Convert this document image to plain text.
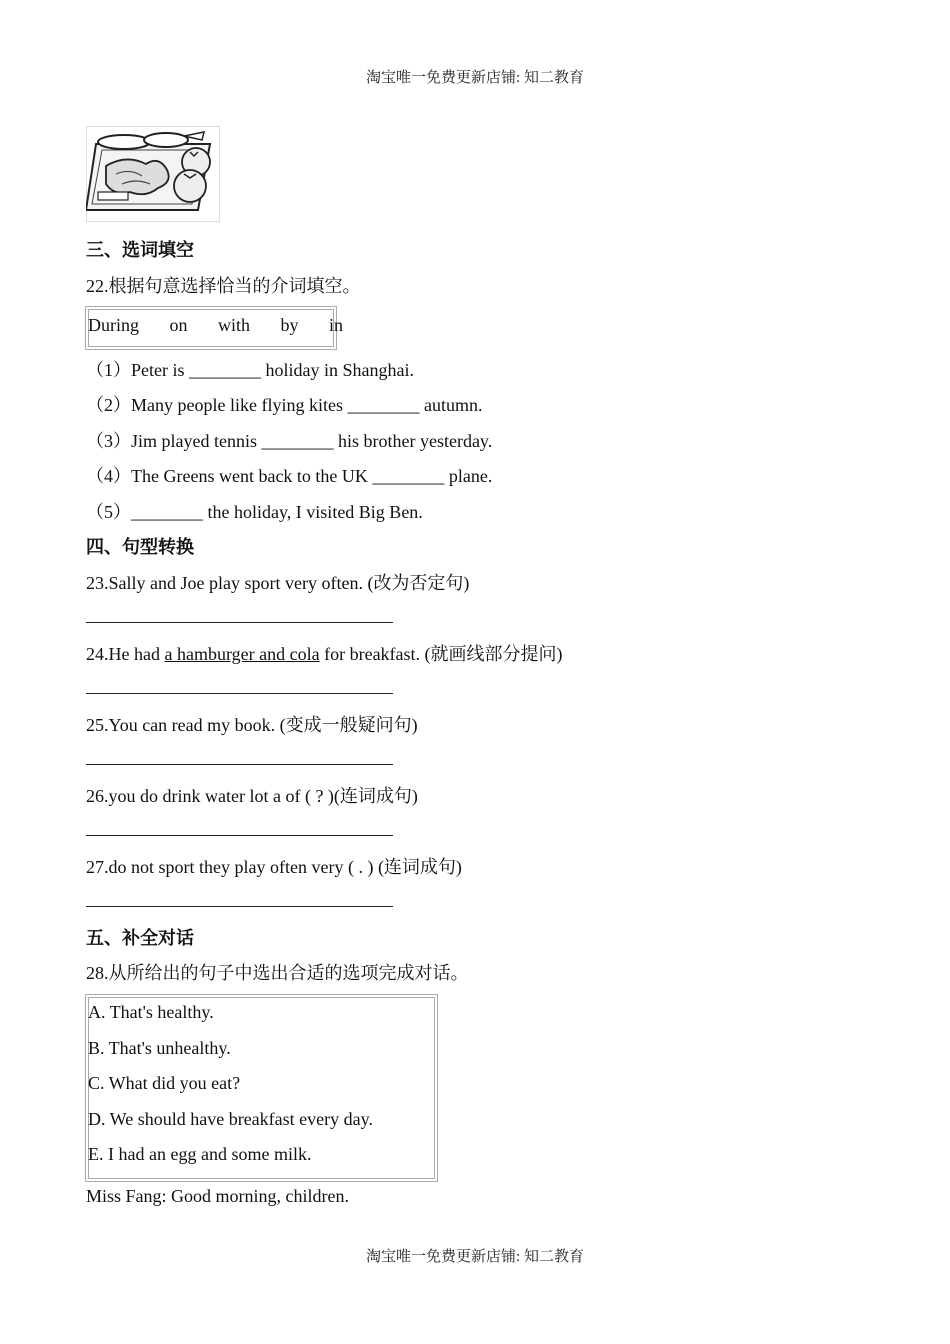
淘宝唯一免费更新店铺: 知二教育
三、选词填空
22.根据句意选择恰当的介词填空。
During on with by in
（1）Peter is ________ holiday in Shanghai.
（2）Many people like flying kites ________ autumn.
（3）Jim played tennis ________ his brother yesterday.
（4）The Greens went back to the UK ________ plane.
（5）________ the holiday, I visited Big Ben.
四、句型转换
23.Sally and Joe play sport very often. (改为否定句)
24.He had a hamburger and cola for breakfast. (就画线部分提问)
25.You can read my book. (变成一般疑问句)
26.you do drink water lot a of ( ? )(连词成句)
27.do not sport they play often very ( . ) (连词成句)
五、补全对话
28.从所给出的句子中选出合适的选项完成对话。
A. That's healthy.
B. That's unhealthy.
C. What did you eat?
D. We should have breakfast every day.
E. I had an egg and some milk.
Miss Fang: Good morning, children.
淘宝唯一免费更新店铺: 知二教育
